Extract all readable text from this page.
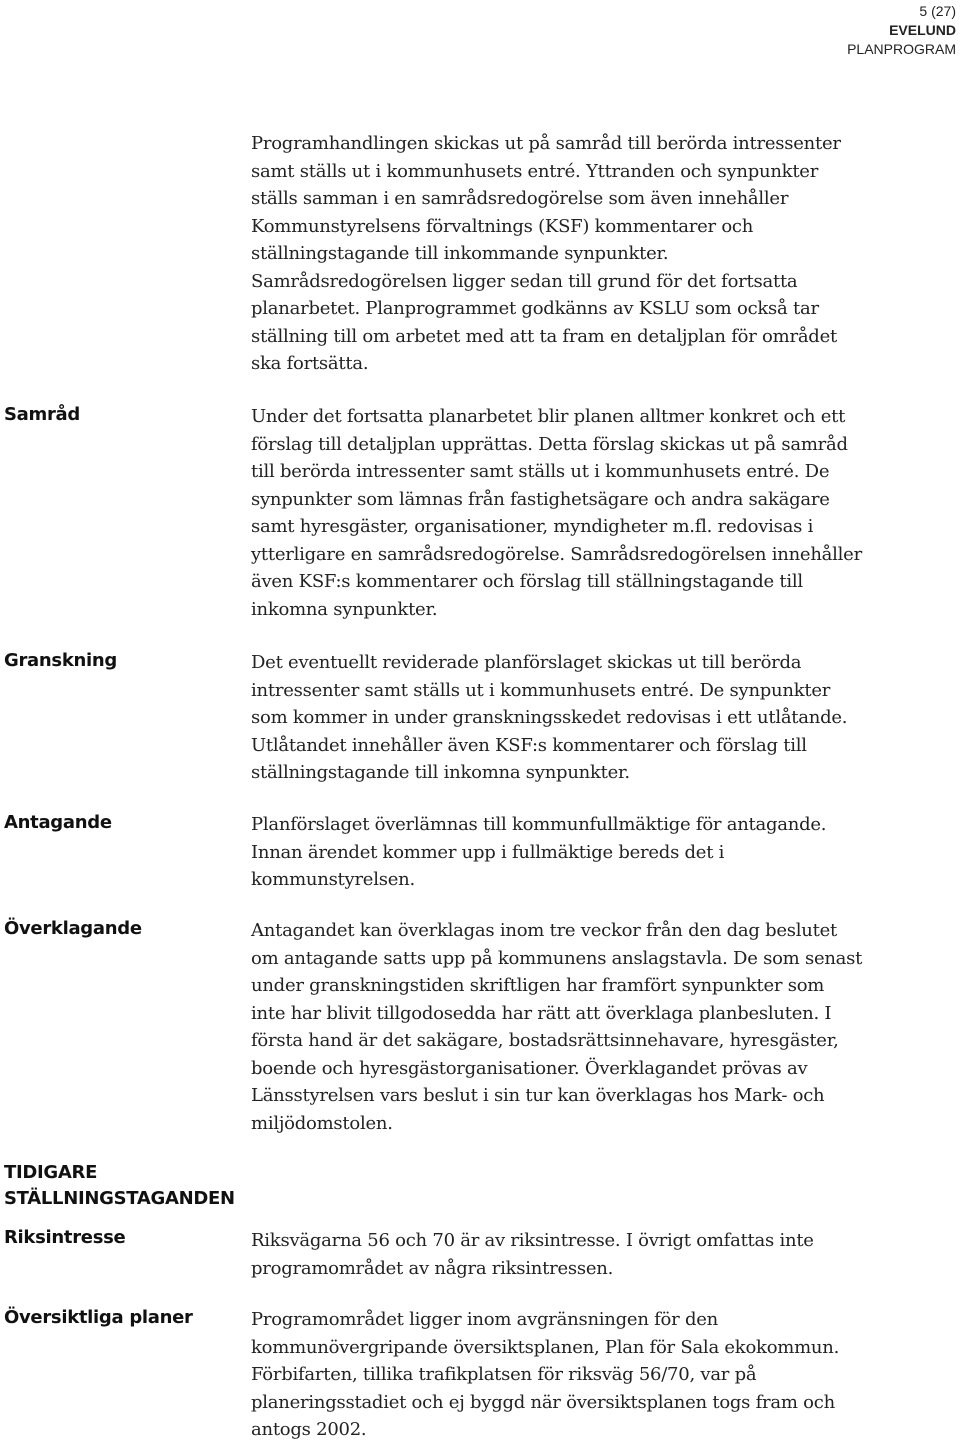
5 (27)
EVELUND
PLANPROGRAM
Samråd
Granskning
Antagande
Överklagande
TIDIGARE
STÄLLNINGSTAGANDEN
Riksintresse
Översiktliga planer
Programhandlingen skickas ut på samråd till berörda intressenter
samt ställs ut i kommunhusets entré. Yttranden och synpunkter
ställs samman i en samrådsredogörelse som även innehåller
Kommunstyrelsens förvaltnings (KSF) kommentarer och
ställningstagande till inkommande synpunkter.
Samrådsredogörelsen ligger sedan till grund för det fortsatta
planarbetet. Planprogrammet godkänns av KSLU som också tar
ställning till om arbetet med att ta fram en detaljplan för området
ska fortsätta.
Under det fortsatta planarbetet blir planen alltmer konkret och ett
förslag till detaljplan upprättas. Detta förslag skickas ut på samråd
till berörda intressenter samt ställs ut i kommunhusets entré. De
synpunkter som lämnas från fastighetsägare och andra sakägare
samt hyresgäster, organisationer, myndigheter m.fl. redovisas i
ytterligare en samrådsredogörelse. Samrådsredogörelsen innehåller
även KSF:s kommentarer och förslag till ställningstagande till
inkomna synpunkter.
Det eventuellt reviderade planförslaget skickas ut till berörda
intressenter samt ställs ut i kommunhusets entré. De synpunkter
som kommer in under granskningsskedet redovisas i ett utlåtande.
Utlåtandet innehåller även KSF:s kommentarer och förslag till
ställningstagande till inkomna synpunkter.
Planförslaget överlämnas till kommunfullmäktige för antagande.
Innan ärendet kommer upp i fullmäktige bereds det i
kommunstyrelsen.
Antagandet kan överklagas inom tre veckor från den dag beslutet
om antagande satts upp på kommunens anslagstavla. De som senast
under granskningstiden skriftligen har framfört synpunkter som
inte har blivit tillgodosedda har rätt att överklaga planbesluten. I
första hand är det sakägare, bostadsrättsinnehavare, hyresgäster,
boende och hyresgästorganisationer. Överklagandet prövas av
Länsstyrelsen vars beslut i sin tur kan överklagas hos Mark- och
miljödomstolen.
Riksvägarna 56 och 70 är av riksintresse. I övrigt omfattas inte
programområdet av några riksintressen.
Programområdet ligger inom avgränsningen för den
kommunövergripande översiktsplanen, Plan för Sala ekokommun.
Förbifarten, tillika trafikplatsen för riksväg 56/70, var på
planeringsstadiet och ej byggd när översiktsplanen togs fram och
antogs 2002.
